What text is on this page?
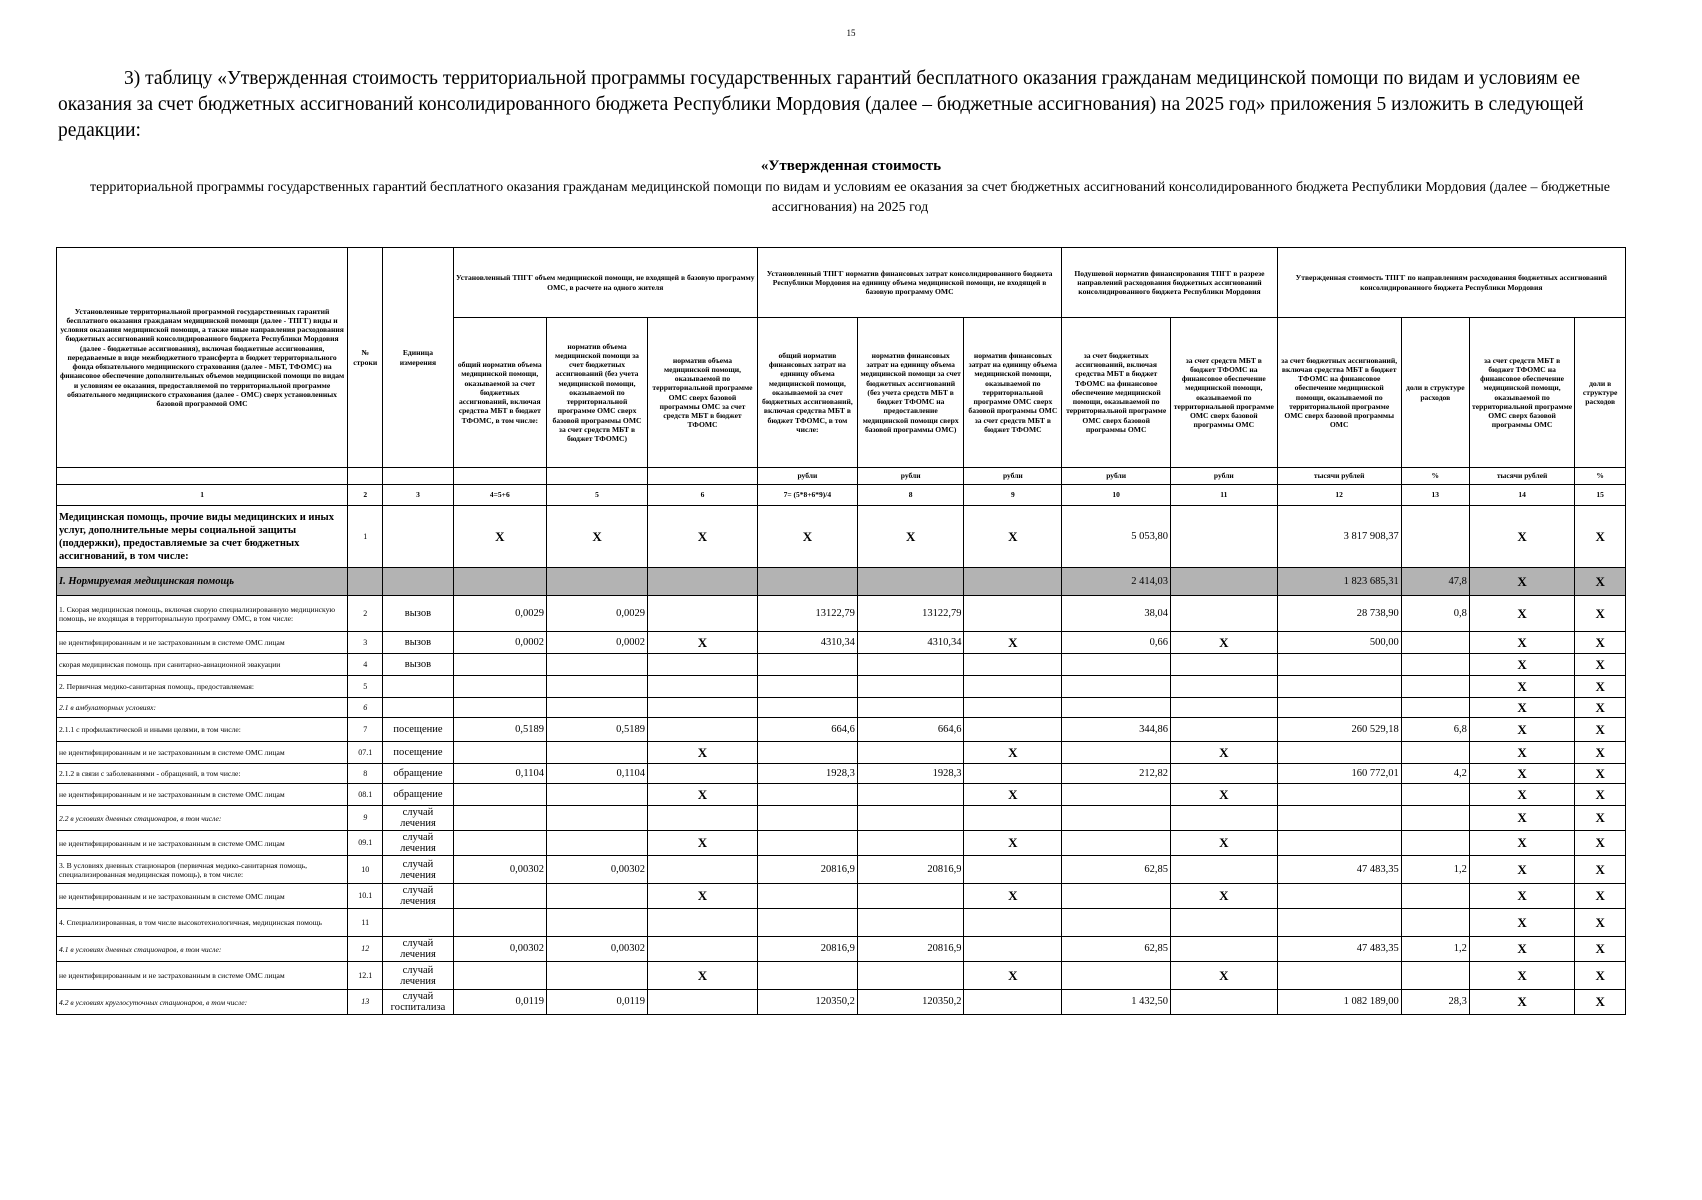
15

3) таблицу «Утвержденная стоимость территориальной программы государственных гарантий бесплатного оказания гражданам медицинской помощи по видам и условиям ее оказания за счет бюджетных ассигнований консолидированного бюджета Республики Мордовия (далее – бюджетные ассигнования) на 2025 год» приложения 5 изложить в следующей редакции:

«Утвержденная стоимость
территориальной программы государственных гарантий бесплатного оказания гражданам медицинской помощи по видам и условиям ее оказания за счет бюджетных ассигнований консолидированного бюджета Республики Мордовия (далее – бюджетные ассигнования) на 2025 год
Установленные территориальной программой государственных гарантий бесплатного оказания гражданам медицинской помощи (далее - ТПГГ) виды и условия оказания медицинской помощи, а также иные направления расходования бюджетных ассигнований консолидированного бюджета Республики Мордовия (далее - бюджетные ассигнования), включая бюджетные ассигнования, передаваемые в виде межбюджетного трансферта в бюджет территориального фонда обязательного медицинского страхования (далее - МБТ, ТФОМС) на финансовое обеспечение дополнительных объемов медицинской помощи по видам и условиям ее оказания, предоставляемой по территориальной программе обязательного медицинского страхования (далее - ОМС) сверх установленных базовой программой ОМС	№ строки	Единица измерения	Установленный ТПГГ объем медицинской помощи, не входящей в базовую программу ОМС, в расчете на одного жителя			Установленный ТПГГ норматив финансовых затрат консолидированного бюджета Республики Мордовия на единицу объема медицинской помощи, не входящей в базовую программу ОМС			Подушевой норматив финансирования ТПГГ в разрезе направлений расходования бюджетных ассигнований консолидированного бюджета Республики Мордовия		Утвержденная стоимость ТПГГ по направлениям расходования бюджетных ассигнований консолидированного бюджета Республики Мордовия			
			общий норматив объема медицинской помощи, оказываемой за счет бюджетных ассигнований, включая средства МБТ в бюджет ТФОМС, в том числе:	норматив объема медицинской помощи за счет бюджетных ассигнований (без учета медицинской помощи, оказываемой по территориальной программе ОМС сверх базовой программы ОМС за счет средств МБТ в бюджет ТФОМС)	норматив объема медицинской помощи, оказываемой по территориальной программе ОМС сверх базовой программы ОМС за счет средств МБТ в бюджет ТФОМС	общий норматив финансовых затрат на единицу объема медицинской помощи, оказываемой за счет бюджетных ассигнований, включая средства МБТ в бюджет ТФОМС, в том числе:	норматив финансовых затрат на единицу объема медицинской помощи за счет бюджетных ассигнований (без учета средств МБТ в бюджет ТФОМС на предоставление медицинской помощи сверх базовой программы ОМС)	норматив финансовых затрат на единицу объема медицинской помощи, оказываемой по территориальной программе ОМС сверх базовой программы ОМС за счет средств МБТ в бюджет ТФОМС	за счет бюджетных ассигнований, включая средства МБТ в бюджет ТФОМС на финансовое обеспечение медицинской помощи, оказываемой по территориальной программе ОМС сверх базовой программы ОМС	за счет средств МБТ в бюджет ТФОМС на финансовое обеспечение медицинской помощи, оказываемой по территориальной программе ОМС сверх базовой программы ОМС	за счет бюджетных ассигнований, включая средства МБТ в бюджет ТФОМС на финансовое обеспечение медицинской помощи, оказываемой по территориальной программе ОМС сверх базовой программы ОМС	доли в структуре расходов	за счет средств МБТ в бюджет ТФОМС на финансовое обеспечение медицинской помощи, оказываемой по территориальной программе ОМС сверх базовой программы ОМС	доли в структуре расходов
						рубли	рубли	рубли	рубли	рубли	тысячи рублей	%	тысячи рублей	%
1	2	3	4=5+6	5	6	7= (5*8+6*9)/4	8	9	10	11	12	13	14	15
Медицинская помощь, прочие виды медицинских и иных услуг, дополнительные меры социальной защиты (поддержки), предоставляемые за счет бюджетных ассигнований, в том числе:	1		X	X	X	X	X	X	5 053,80		3 817 908,37		X	X
I. Нормируемая медицинская помощь									2 414,03		1 823 685,31	47,8	X	X
1. Скорая медицинская помощь, включая скорую специализированную медицинскую помощь, не входящая в территориальную программу ОМС, в том числе:	2	вызов	0,0029	0,0029		13122,79	13122,79		38,04		28 738,90	0,8	X	X
не идентифицированным и не застрахованным в системе ОМС лицам	3	вызов	0,0002	0,0002	X	4310,34	4310,34	X	0,66	X	500,00		X	X
скорая медицинская помощь при санитарно-авиационной эвакуации	4	вызов											X	X
2. Первичная медико-санитарная помощь, предоставляемая:	5												X	X
2.1 в амбулаторных условиях:	6												X	X
2.1.1 с профилактической и иными целями, в том числе:	7	посещение	0,5189	0,5189		664,6	664,6		344,86		260 529,18	6,8	X	X
не идентифицированным и не застрахованным в системе ОМС лицам	07.1	посещение			X			X		X			X	X
2.1.2 в связи с заболеваниями - обращений, в том числе:	8	обращение	0,1104	0,1104		1928,3	1928,3		212,82		160 772,01	4,2	X	X
не идентифицированным и не застрахованным в системе ОМС лицам	08.1	обращение			X			X		X			X	X
2.2 в условиях дневных стационаров, в том числе:	9	случай лечения											X	X
не идентифицированным и не застрахованным в системе ОМС лицам	09.1	случай лечения			X			X		X			X	X
3. В условиях дневных стационаров (первичная медико-санитарная помощь, специализированная медицинская помощь), в том числе:	10	случай лечения	0,00302	0,00302		20816,9	20816,9		62,85		47 483,35	1,2	X	X
не идентифицированным и не застрахованным в системе ОМС лицам	10.1	случай лечения			X			X		X			X	X
4. Специализированная, в том числе высокотехнологичная, медицинская помощь	11												X	X
4.1 в условиях дневных стационаров, в том числе:	12	случай лечения	0,00302	0,00302		20816,9	20816,9		62,85		47 483,35	1,2	X	X
не идентифицированным и не застрахованным в системе ОМС лицам	12.1	случай лечения			X			X		X			X	X
4.2 в условиях круглосуточных стационаров, в том числе:	13	случай госпитализа	0,0119	0,0119		120350,2	120350,2		1 432,50		1 082 189,00	28,3	X	X
